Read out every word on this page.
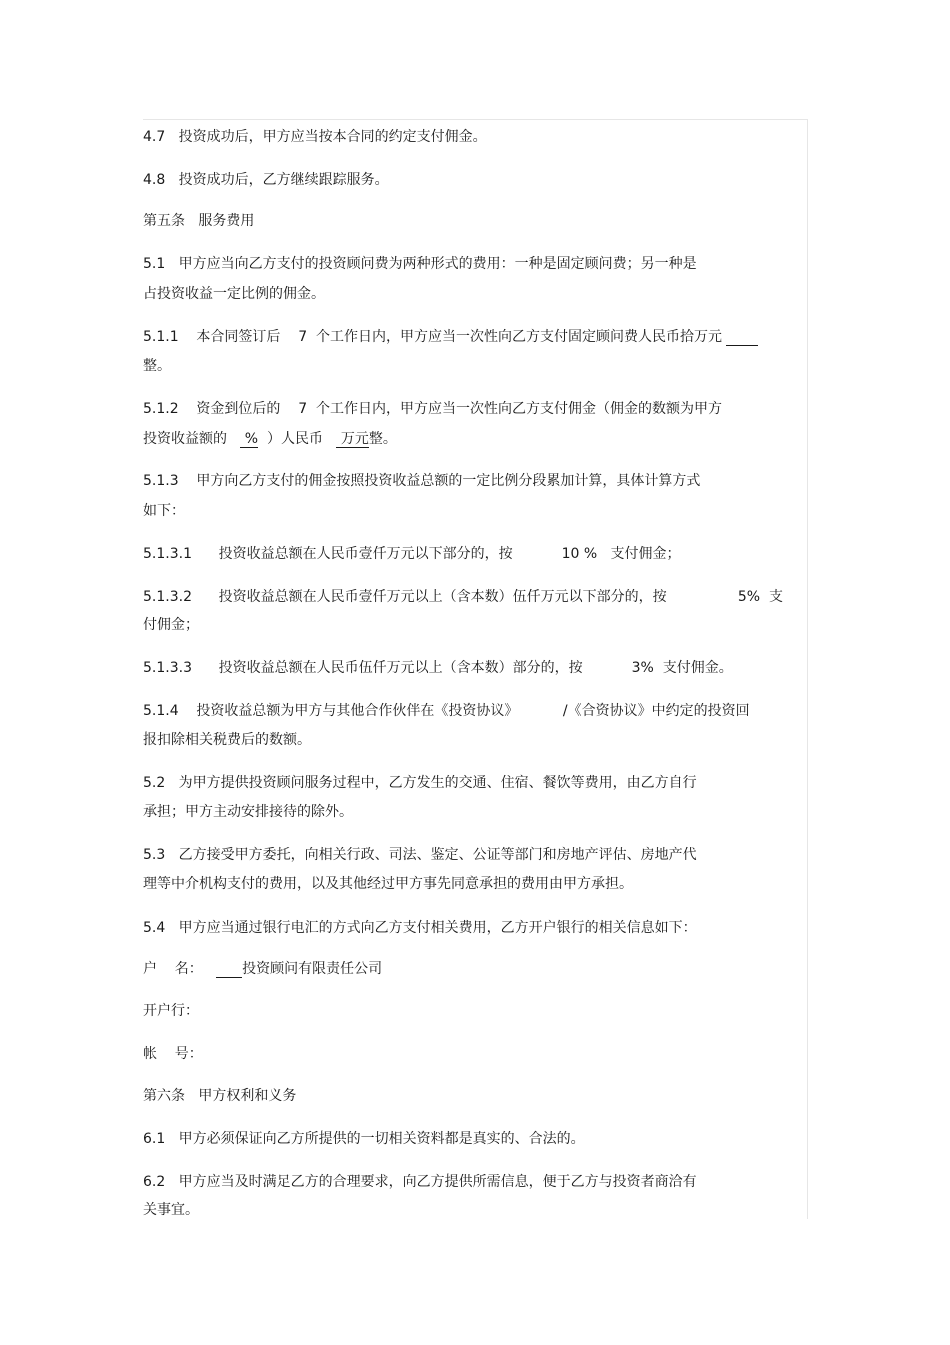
4.7   投资成功后，甲方应当按本合同的约定支付佣金。
4.8   投资成功后，乙方继续跟踪服务。
第五条   服务费用
5.1   甲方应当向乙方支付的投资顾问费为两种形式的费用：一种是固定顾问费；另一种是
占投资收益一定比例的佣金。
5.1.1    本合同签订后    7  个工作日内，甲方应当一次性向乙方支付固定顾问费人民币拾万元
整。
5.1.2    资金到位后的    7  个工作日内，甲方应当一次性向乙方支付佣金（佣金的数额为甲方
投资收益额的    %  ）人民币    万元整。
5.1.3    甲方向乙方支付的佣金按照投资收益总额的一定比例分段累加计算，具体计算方式
如下：
5.1.3.1      投资收益总额在人民币壹仟万元以下部分的，按           10 %   支付佣金；
5.1.3.2      投资收益总额在人民币壹仟万元以上（含本数）伍仟万元以下部分的，按                5%  支
付佣金；
5.1.3.3      投资收益总额在人民币伍仟万元以上（含本数）部分的，按           3%  支付佣金。
5.1.4    投资收益总额为甲方与其他合作伙伴在《投资协议》          /《合资协议》中约定的投资回
报扣除相关税费后的数额。
5.2   为甲方提供投资顾问服务过程中，乙方发生的交通、住宿、餐饮等费用，由乙方自行
承担；甲方主动安排接待的除外。
5.3   乙方接受甲方委托，向相关行政、司法、鉴定、公证等部门和房地产评估、房地产代
理等中介机构支付的费用，以及其他经过甲方事先同意承担的费用由甲方承担。
5.4   甲方应当通过银行电汇的方式向乙方支付相关费用，乙方开户银行的相关信息如下：
户    名：        投资顾问有限责任公司
开户行：
帐    号：
第六条   甲方权利和义务
6.1   甲方必须保证向乙方所提供的一切相关资料都是真实的、合法的。
6.2   甲方应当及时满足乙方的合理要求，向乙方提供所需信息，便于乙方与投资者商洽有
关事宜。
